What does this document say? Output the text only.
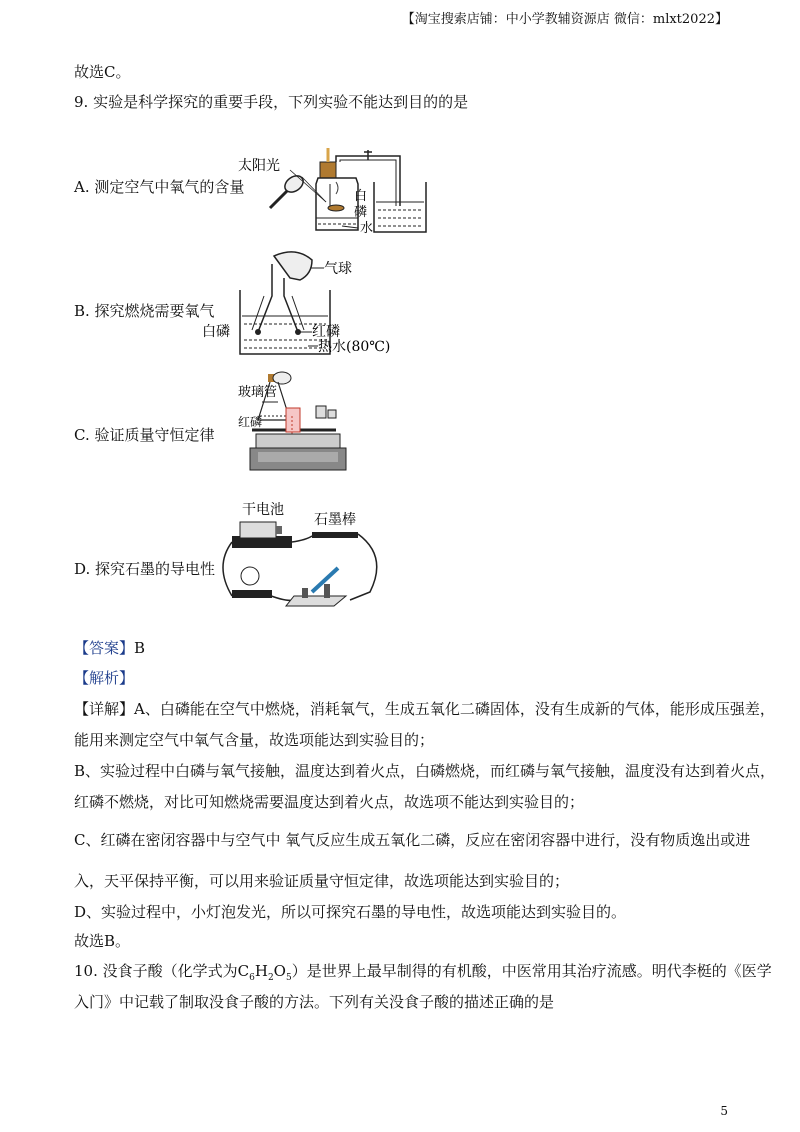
【淘宝搜索店铺：中小学教辅资源店 微信：mlxt2022】
故选C。
9. 实验是科学探究的重要手段，下列实验不能达到目的的是
A. 测定空气中氧气的含量
太阳光
白
磷
水
B. 探究燃烧需要氧气
气球
白磷	红磷
热水(80℃)
C. 验证质量守恒定律
玻璃管
红磷
D. 探究石墨的导电性
干电池
石墨棒
【答案】B
【解析】
【详解】A、白磷能在空气中燃烧，消耗氧气，生成五氧化二磷固体，没有生成新的气体，能形成压强差，
能用来测定空气中氧气含量，故选项能达到实验目的；
B、实验过程中白磷与氧气接触，温度达到着火点，白磷燃烧，而红磷与氧气接触，温度没有达到着火点，
红磷不燃烧，对比可知燃烧需要温度达到着火点，故选项不能达到实验目的；
C、红磷在密闭容器中与空气中 氧气反应生成五氧化二磷，反应在密闭容器中进行，没有物质逸出或进
入，天平保持平衡，可以用来验证质量守恒定律，故选项能达到实验目的；
D、实验过程中，小灯泡发光，所以可探究石墨的导电性，故选项能达到实验目的。
故选B。
10. 没食子酸（化学式为$C_6H_2O_5$）是世界上最早制得的有机酸，中医常用其治疗流感。明代李梃的《医学
入门》中记载了制取没食子酸的方法。下列有关没食子酸的描述正确的是
5
